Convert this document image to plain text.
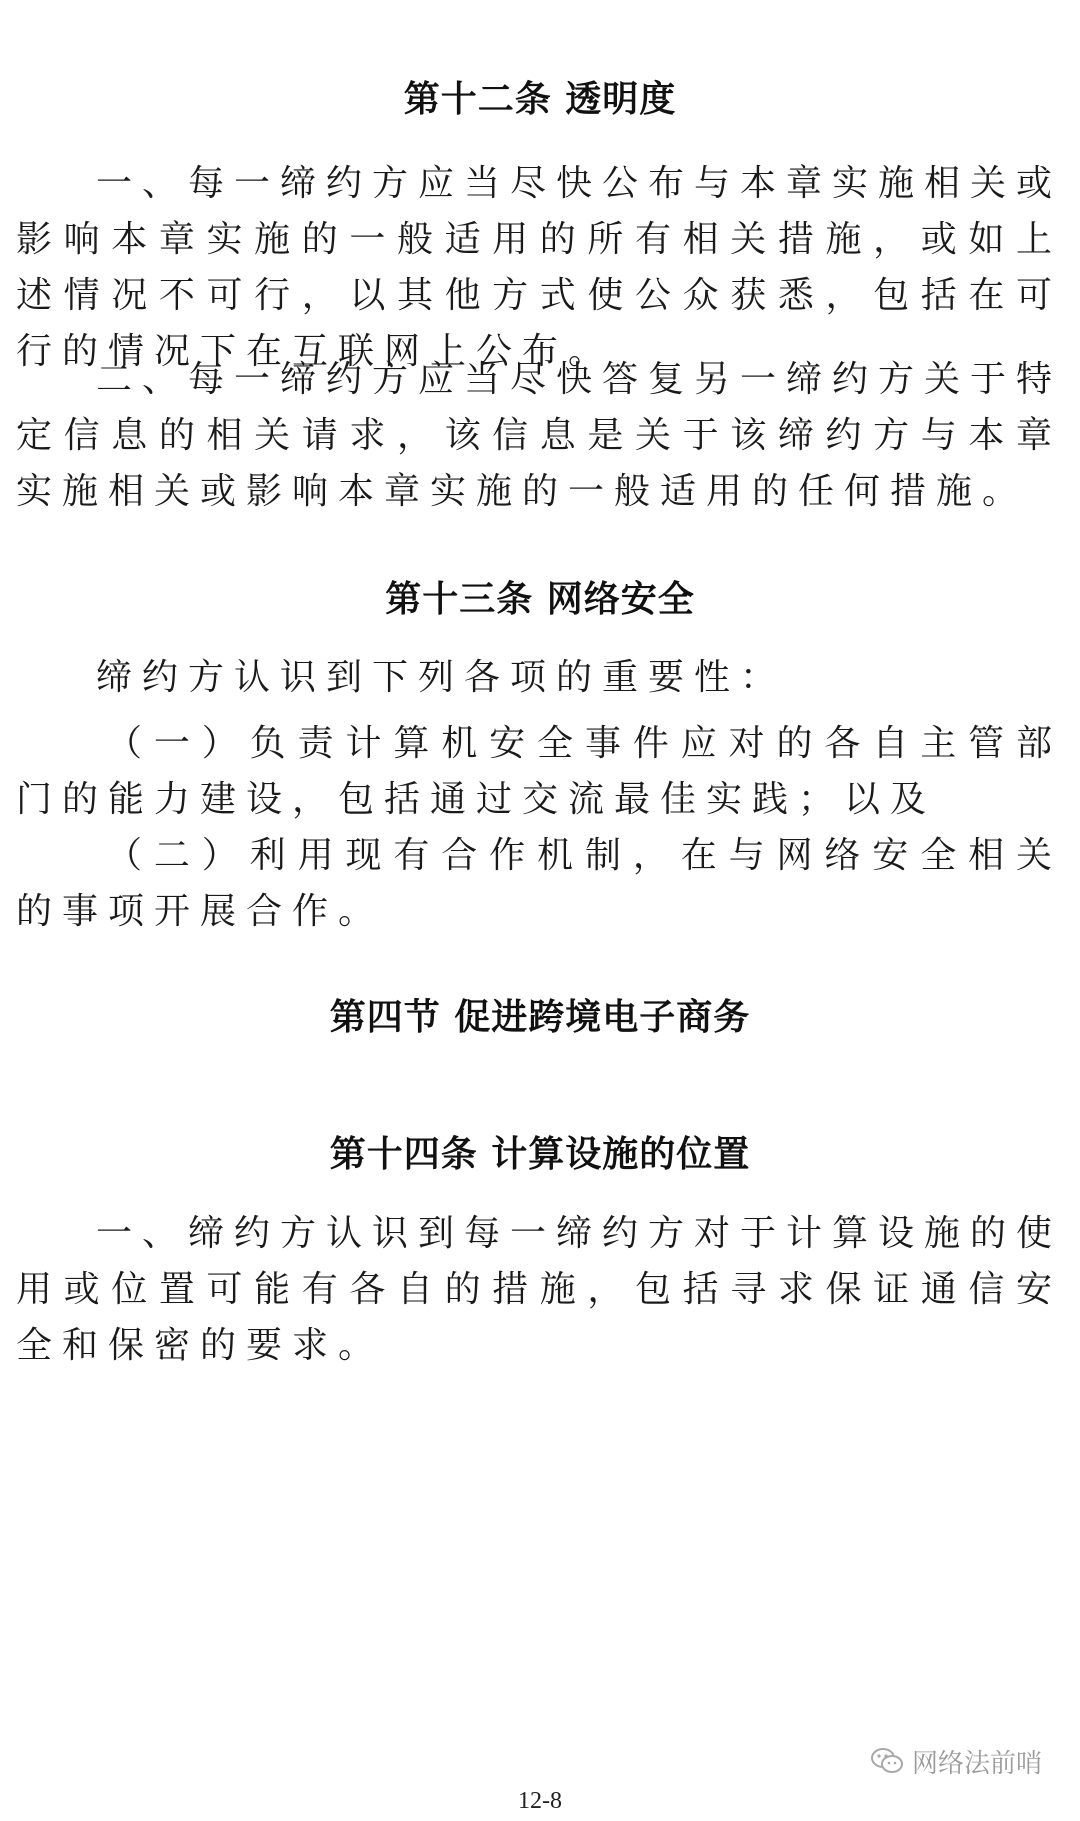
第十二条 透明度
一、每一缔约方应当尽快公布与本章实施相关或影响本章实施的一般适用的所有相关措施，或如上述情况不可行，以其他方式使公众获悉，包括在可行的情况下在互联网上公布。
二、每一缔约方应当尽快答复另一缔约方关于特定信息的相关请求，该信息是关于该缔约方与本章实施相关或影响本章实施的一般适用的任何措施。
第十三条 网络安全
缔约方认识到下列各项的重要性：
（一）负责计算机安全事件应对的各自主管部门的能力建设，包括通过交流最佳实践；以及
（二）利用现有合作机制，在与网络安全相关的事项开展合作。
第四节 促进跨境电子商务
第十四条 计算设施的位置
一、缔约方认识到每一缔约方对于计算设施的使用或位置可能有各自的措施，包括寻求保证通信安全和保密的要求。
网络法前哨
12-8
